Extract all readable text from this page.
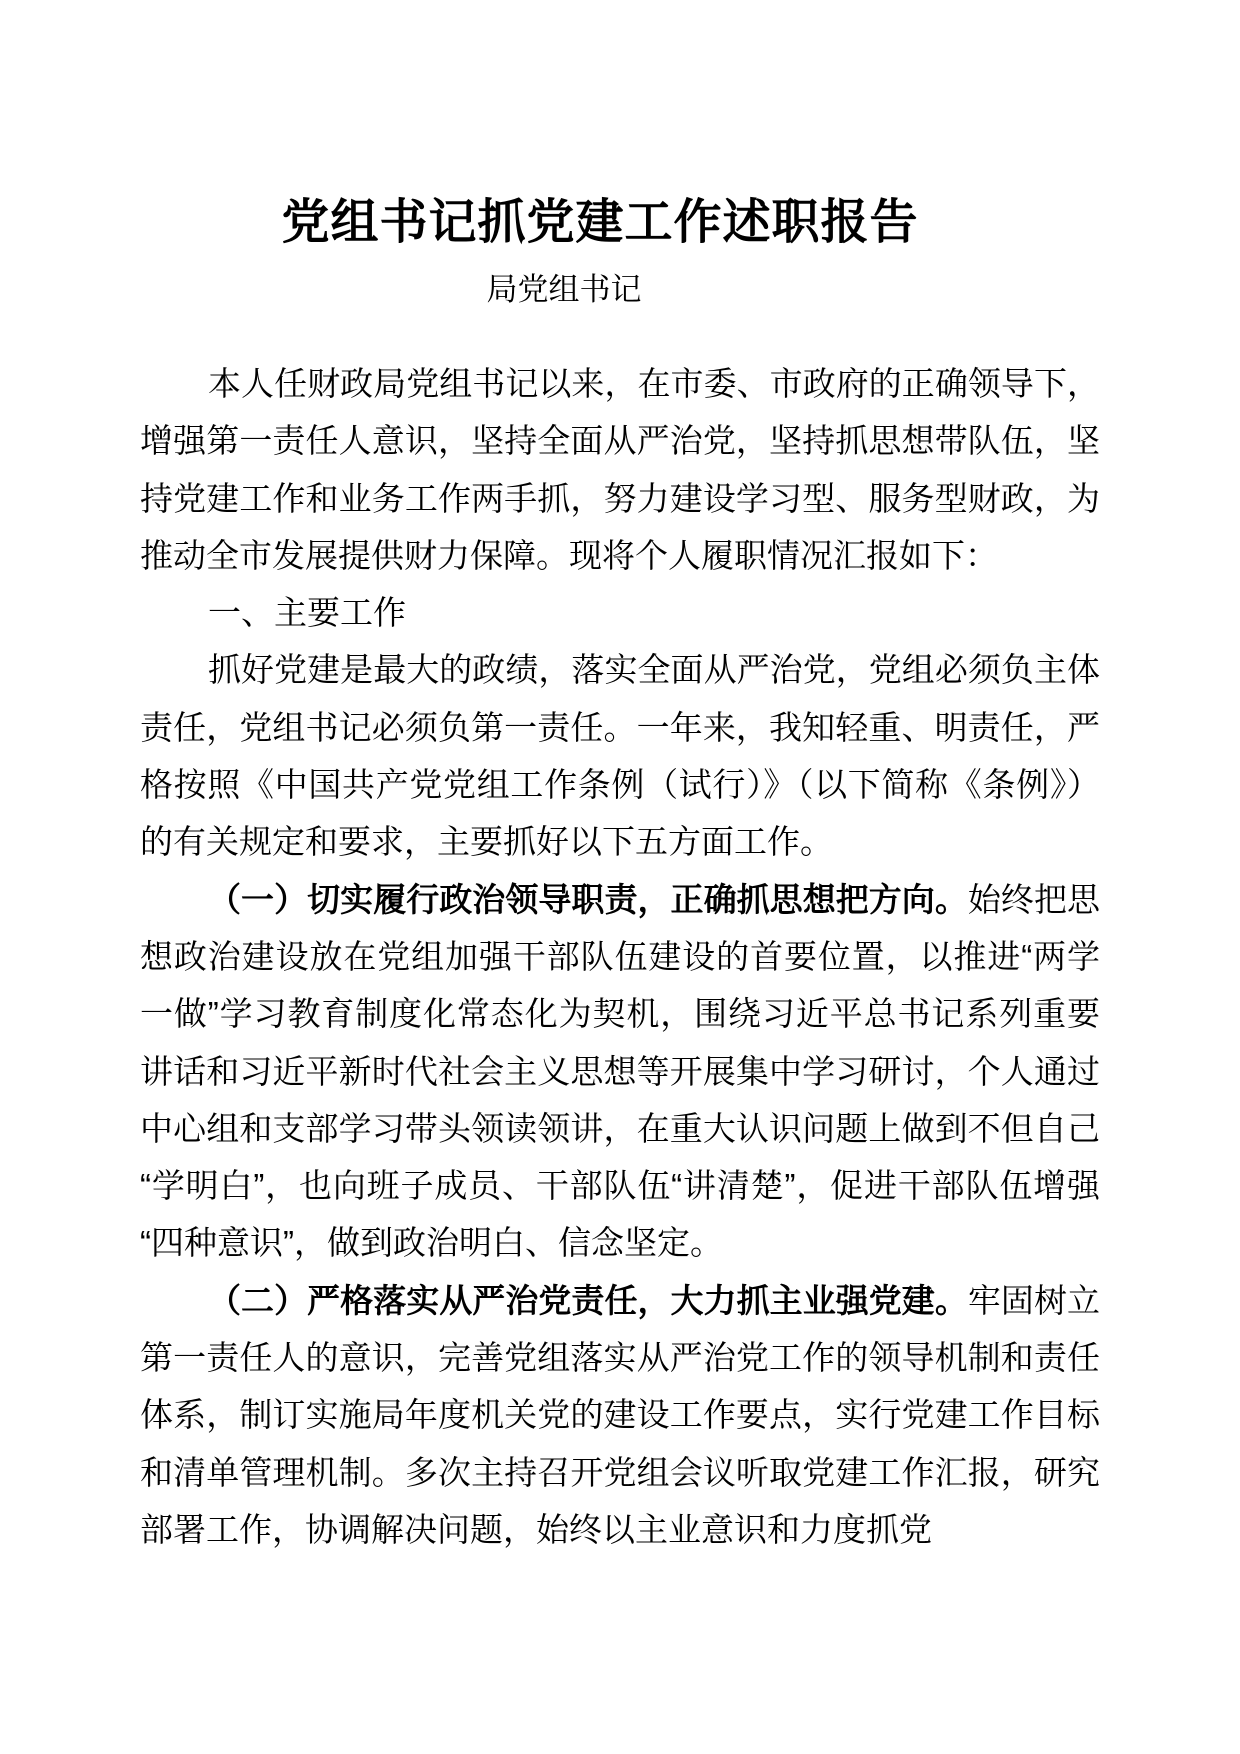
党组书记抓党建工作述职报告
局党组书记

本人任财政局党组书记以来，在市委、市政府的正确领导下，增强第一责任人意识，坚持全面从严治党，坚持抓思想带队伍，坚持党建工作和业务工作两手抓，努力建设学习型、服务型财政，为推动全市发展提供财力保障。现将个人履职情况汇报如下：

一、主要工作

抓好党建是最大的政绩，落实全面从严治党，党组必须负主体责任，党组书记必须负第一责任。一年来，我知轻重、明责任，严格按照《中国共产党党组工作条例（试行）》（以下简称《条例》）的有关规定和要求，主要抓好以下五方面工作。

（一）切实履行政治领导职责，正确抓思想把方向。始终把思想政治建设放在党组加强干部队伍建设的首要位置，以推进“两学一做”学习教育制度化常态化为契机，围绕习近平总书记系列重要讲话和习近平新时代社会主义思想等开展集中学习研讨，个人通过中心组和支部学习带头领读领讲，在重大认识问题上做到不但自己“学明白”，也向班子成员、干部队伍“讲清楚”，促进干部队伍增强 “四种意识”，做到政治明白、信念坚定。

（二）严格落实从严治党责任，大力抓主业强党建。牢固树立第一责任人的意识，完善党组落实从严治党工作的领导机制和责任体系，制订实施局年度机关党的建设工作要点，实行党建工作目标和清单管理机制。多次主持召开党组会议听取党建工作汇报，研究部署工作，协调解决问题，始终以主业意识和力度抓党
